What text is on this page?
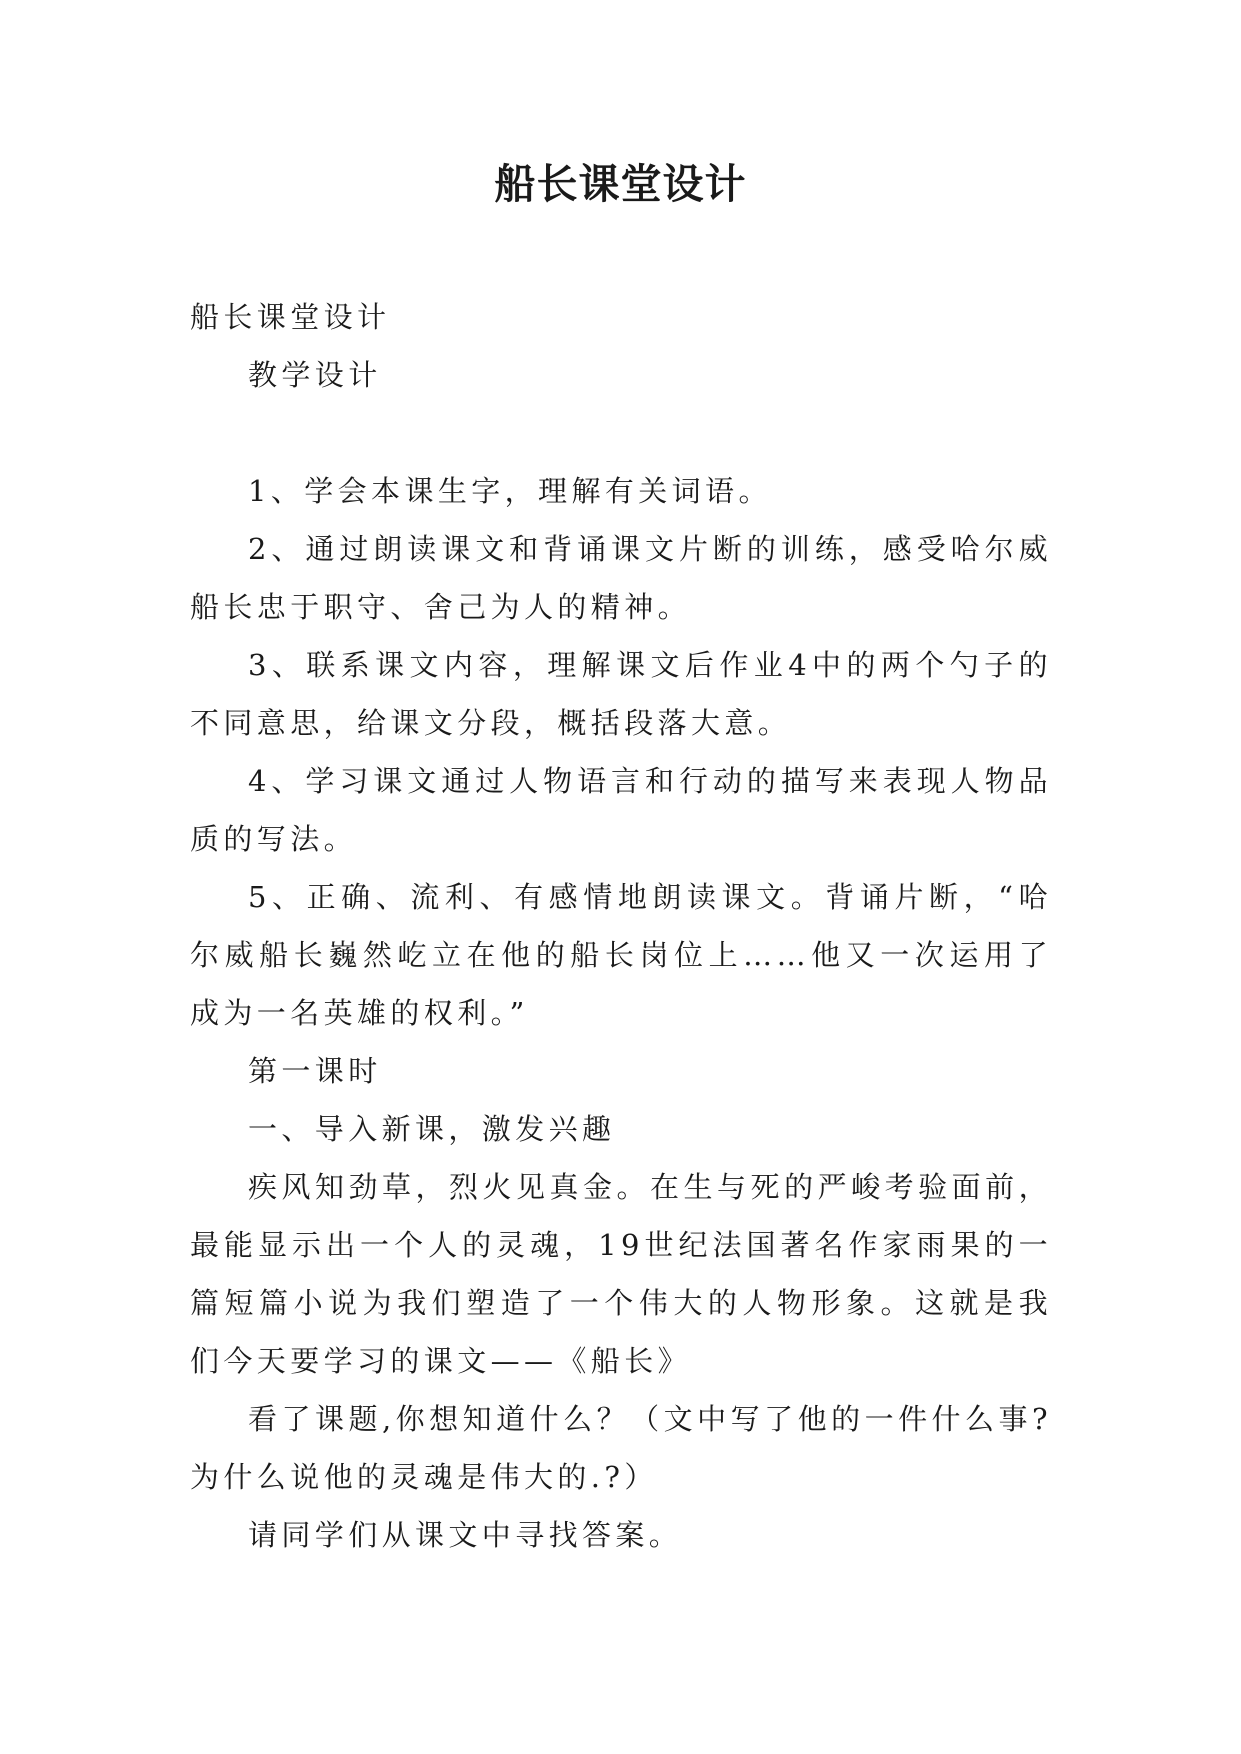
船长课堂设计

船长课堂设计

教学设计

1、学会本课生字，理解有关词语。

2、通过朗读课文和背诵课文片断的训练，感受哈尔威船长忠于职守、舍己为人的精神。

3、联系课文内容，理解课文后作业4中的两个勺子的不同意思，给课文分段，概括段落大意。

4、学习课文通过人物语言和行动的描写来表现人物品质的写法。

5、正确、流利、有感情地朗读课文。背诵片断，“哈尔威船长巍然屹立在他的船长岗位上……他又一次运用了成为一名英雄的权利。”

第一课时

一、导入新课，激发兴趣

疾风知劲草，烈火见真金。在生与死的严峻考验面前，最能显示出一个人的灵魂，19世纪法国著名作家雨果的一篇短篇小说为我们塑造了一个伟大的人物形象。这就是我们今天要学习的课文——《船长》

看了课题,你想知道什么？（文中写了他的一件什么事?为什么说他的灵魂是伟大的.?）

请同学们从课文中寻找答案。
